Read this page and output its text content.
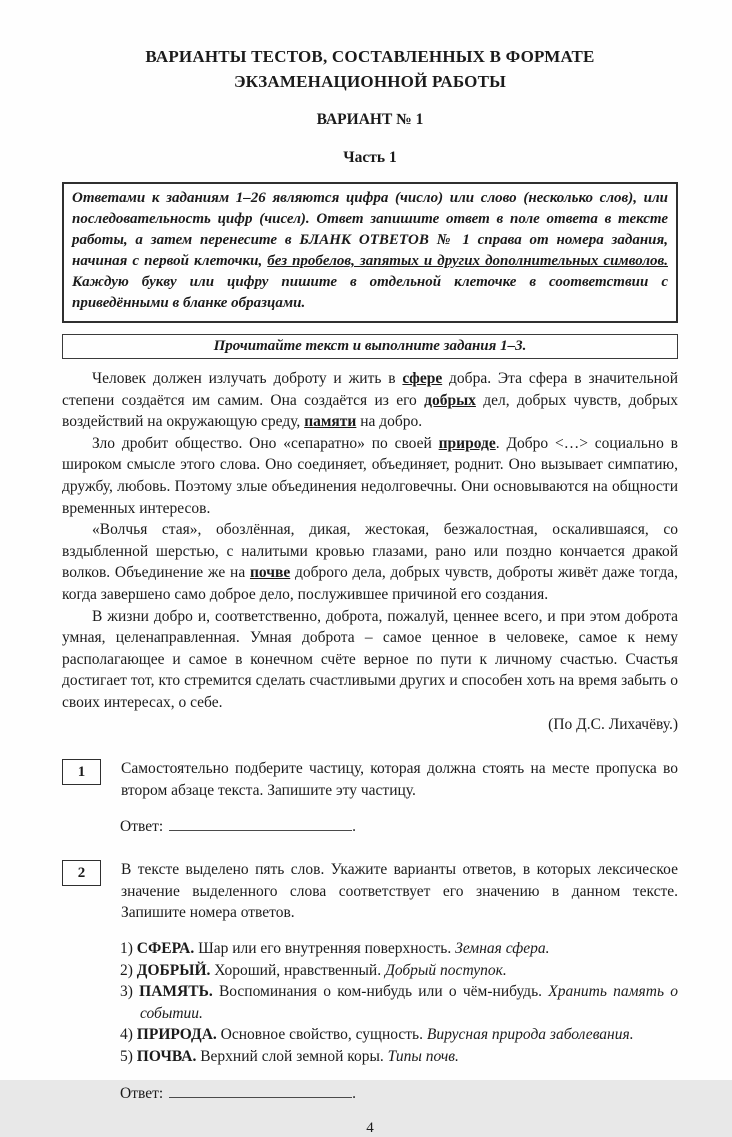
ВАРИАНТЫ ТЕСТОВ, СОСТАВЛЕННЫХ В ФОРМАТЕ
ЭКЗАМЕНАЦИОННОЙ РАБОТЫ
ВАРИАНТ № 1
Часть 1

Ответами к заданиям 1–26 являются цифра (число) или слово (несколько слов), или последовательность цифр (чисел). Ответ запишите ответ в поле ответа в тексте работы, а затем перенесите в БЛАНК ОТВЕТОВ № 1 справа от номера задания, начиная с первой клеточки, без пробелов, запятых и других дополнительных символов. Каждую букву или цифру пишите в отдельной клеточке в соответствии с приведёнными в бланке образцами.

Прочитайте текст и выполните задания 1–3.

Человек должен излучать доброту и жить в сфере добра. Эта сфера в значительной степени создаётся им самим. Она создаётся из его добрых дел, добрых чувств, добрых воздействий на окружающую среду, памяти на добро.

Зло дробит общество. Оно «сепаратно» по своей природе. Добро <…> социально в широком смысле этого слова. Оно соединяет, объединяет, роднит. Оно вызывает симпатию, дружбу, любовь. Поэтому злые объединения недолговечны. Они основываются на общности временных интересов.

«Волчья стая», обозлённая, дикая, жестокая, безжалостная, оскалившаяся, со вздыбленной шерстью, с налитыми кровью глазами, рано или поздно кончается дракой волков. Объединение же на почве доброго дела, добрых чувств, доброты живёт даже тогда, когда завершено само доброе дело, послужившее причиной его создания.

В жизни добро и, соответственно, доброта, пожалуй, ценнее всего, и при этом доброта умная, целенаправленная. Умная доброта – самое ценное в человеке, самое к нему располагающее и самое в конечном счёте верное по пути к личному счастью. Счастья достигает тот, кто стремится сделать счастливыми других и способен хоть на время забыть о своих интересах, о себе.

(По Д.С. Лихачёву.)

1	Самостоятельно подберите частицу, которая должна стоять на месте пропуска во втором абзаце текста. Запишите эту частицу.

Ответ:	.
2	В тексте выделено пять слов. Укажите варианты ответов, в которых лексическое значение выделенного слова соответствует его значению в данном тексте. Запишите номера ответов.

1) СФЕРА. Шар или его внутренняя поверхность. Земная сфера.

2) ДОБРЫЙ. Хороший, нравственный. Добрый поступок.

3) ПАМЯТЬ. Воспоминания о ком-нибудь или о чём-нибудь. Хранить память о событии.

4) ПРИРОДА. Основное свойство, сущность. Вирусная природа заболевания.

5) ПОЧВА. Верхний слой земной коры. Типы почв.

Ответ:	.
4
